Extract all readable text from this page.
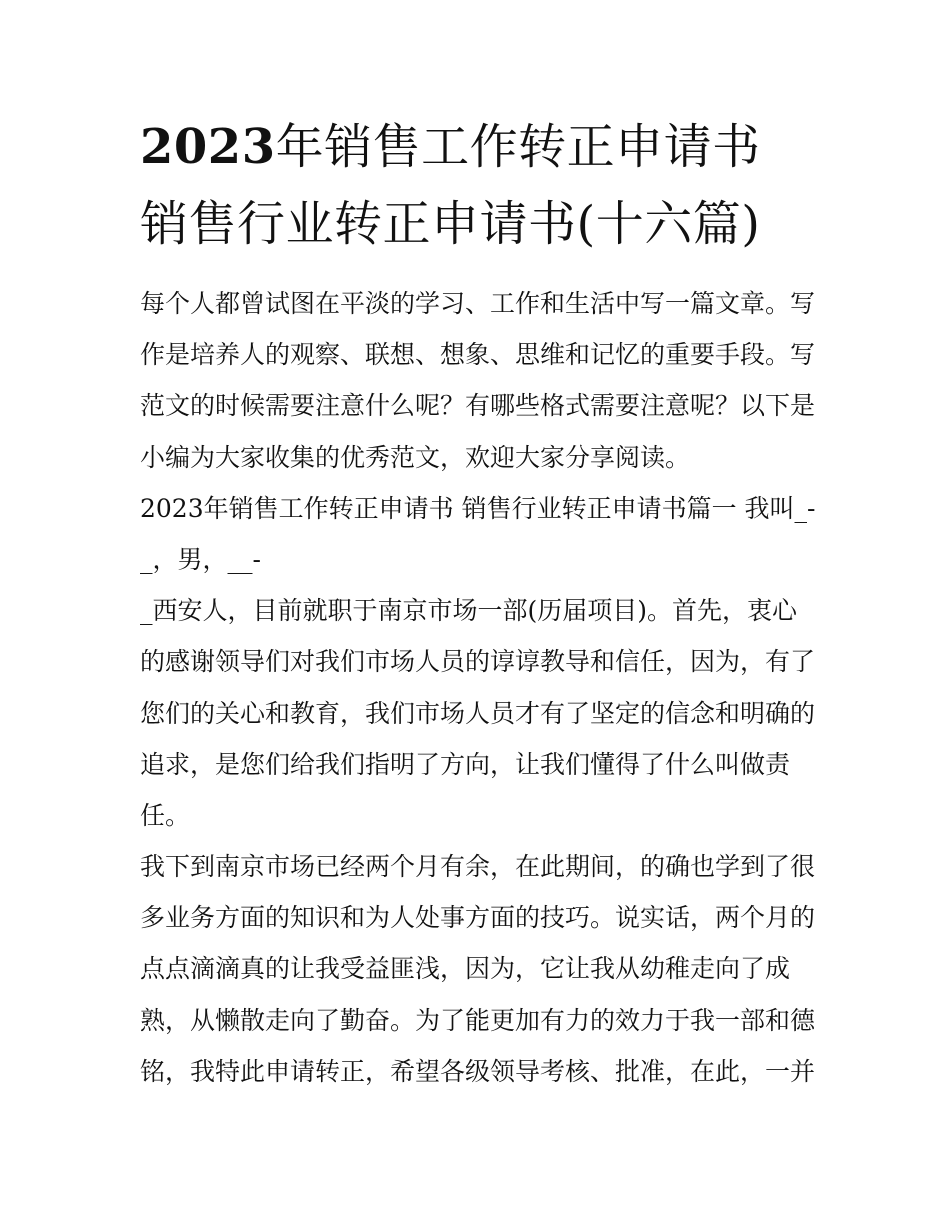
2023年销售工作转正申请书
销售行业转正申请书(十六篇)
每个人都曾试图在平淡的学习、工作和生活中写一篇文章。写
作是培养人的观察、联想、想象、思维和记忆的重要手段。写
范文的时候需要注意什么呢？有哪些格式需要注意呢？以下是
小编为大家收集的优秀范文，欢迎大家分享阅读。
2023年销售工作转正申请书 销售行业转正申请书篇一 我叫_-
_，男，__-
_西安人，目前就职于南京市场一部(历届项目)。首先，衷心
的感谢领导们对我们市场人员的谆谆教导和信任，因为，有了
您们的关心和教育，我们市场人员才有了坚定的信念和明确的
追求，是您们给我们指明了方向，让我们懂得了什么叫做责
任。
我下到南京市场已经两个月有余，在此期间，的确也学到了很
多业务方面的知识和为人处事方面的技巧。说实话，两个月的
点点滴滴真的让我受益匪浅，因为，它让我从幼稚走向了成
熟，从懒散走向了勤奋。为了能更加有力的效力于我一部和德
铭，我特此申请转正，希望各级领导考核、批准，在此，一并
